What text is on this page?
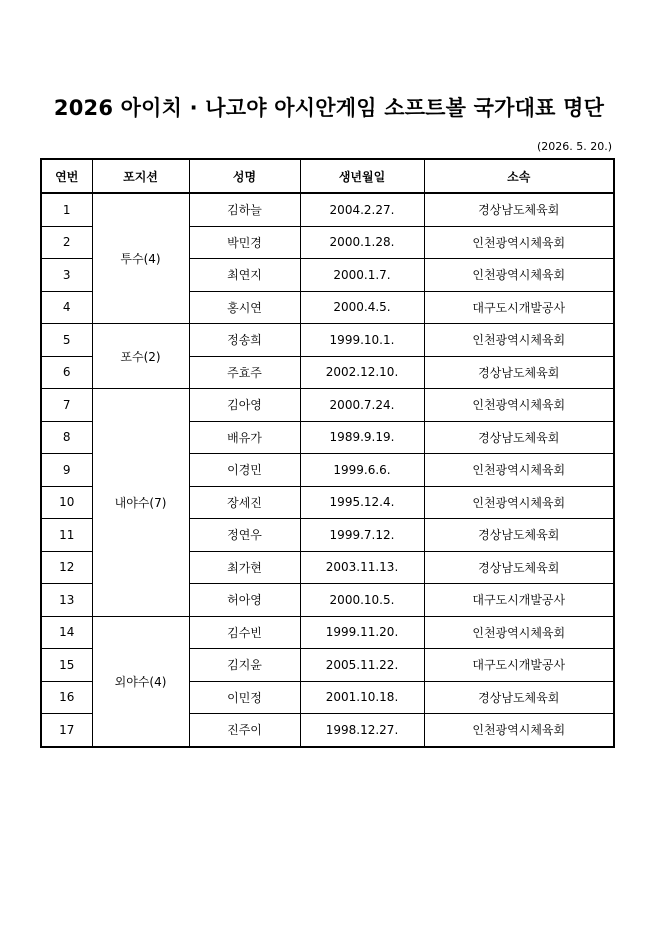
2026 아이치 · 나고야 아시안게임 소프트볼 국가대표 명단
(2026. 5. 20.)
연번	포지션	성명	생년월일	소속
1	투수(4)	김하늘	2004.2.27.	경상남도체육회
2		박민경	2000.1.28.	인천광역시체육회
3		최연지	2000.1.7.	인천광역시체육회
4		홍시연	2000.4.5.	대구도시개발공사
5	포수(2)	정송희	1999.10.1.	인천광역시체육회
6		주효주	2002.12.10.	경상남도체육회
7	내야수(7)	김아영	2000.7.24.	인천광역시체육회
8		배유가	1989.9.19.	경상남도체육회
9		이경민	1999.6.6.	인천광역시체육회
10		장세진	1995.12.4.	인천광역시체육회
11		정연우	1999.7.12.	경상남도체육회
12		최가현	2003.11.13.	경상남도체육회
13		허아영	2000.10.5.	대구도시개발공사
14	외야수(4)	김수빈	1999.11.20.	인천광역시체육회
15		김지윤	2005.11.22.	대구도시개발공사
16		이민정	2001.10.18.	경상남도체육회
17		진주이	1998.12.27.	인천광역시체육회
